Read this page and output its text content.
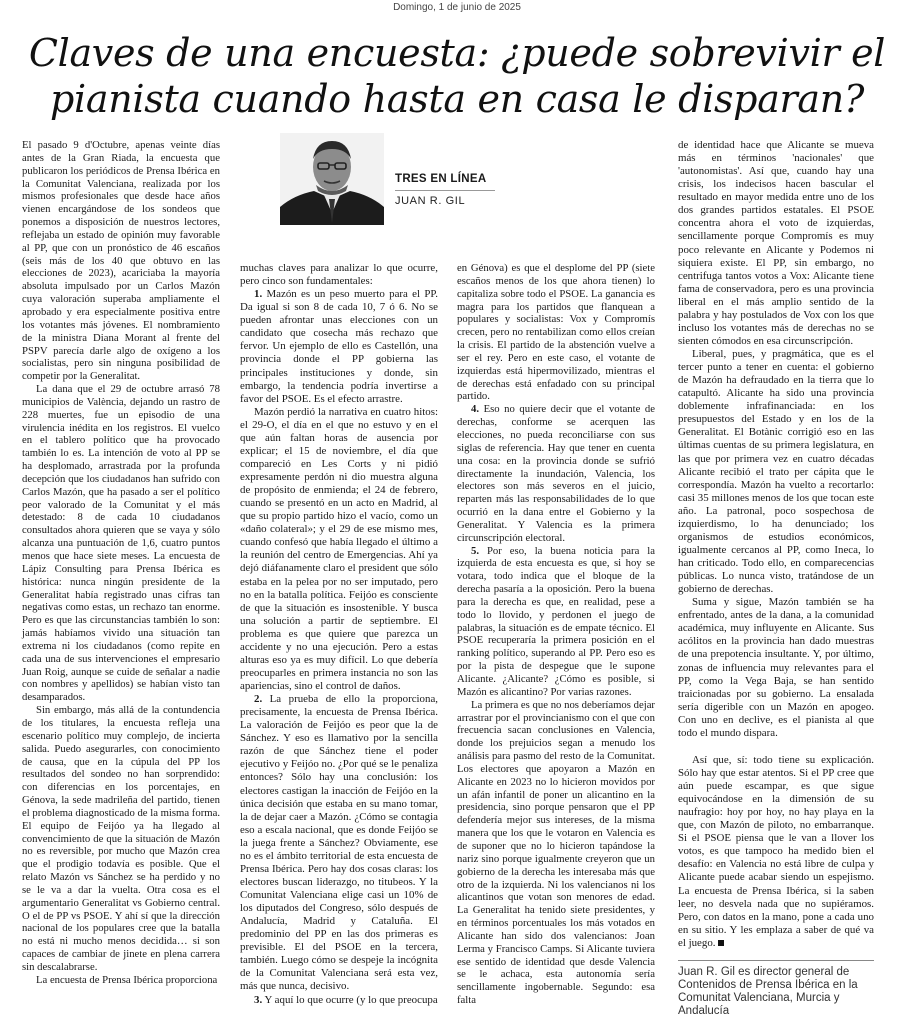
Domingo, 1 de junio de 2025
Claves de una encuesta: ¿puede sobrevivir el pianista cuando hasta en casa le disparan?
TRES EN LÍNEA
JUAN R. GIL

El pasado 9 d'Octubre, apenas veinte días antes de la Gran Riada, la encuesta que publicaron los periódicos de Prensa Ibérica en la Comunitat Valenciana, realizada por los mismos profesionales que desde hace años vienen encargándose de los sondeos que ponemos a disposición de nuestros lectores, reflejaba un estado de opinión muy favorable al PP, que con un pronóstico de 46 escaños (seis más de los 40 que obtuvo en las elecciones de 2023), acariciaba la mayoría absoluta impulsado por un Carlos Mazón cuya valoración superaba ampliamente el aprobado y era especialmente positiva entre los votantes más jóvenes. El nombramiento de la ministra Diana Morant al frente del PSPV parecía darle algo de oxígeno a los socialistas, pero sin ninguna posibilidad de competir por la Generalitat.

La dana que el 29 de octubre arrasó 78 municipios de València, dejando un rastro de 228 muertes, fue un episodio de una virulencia inédita en los registros. El vuelco en el tablero político que ha provocado también lo es. La intención de voto al PP se ha desplomado, arrastrada por la profunda decepción que los ciudadanos han sufrido con Carlos Mazón, que ha pasado a ser el político peor valorado de la Comunitat y el más detestado: 8 de cada 10 ciudadanos consultados ahora quieren que se vaya y sólo alcanza una puntuación de 1,6, cuatro puntos menos que hace siete meses. La encuesta de Lápiz Consulting para Prensa Ibérica es histórica: nunca ningún presidente de la Generalitat había registrado unas cifras tan negativas como estas, un rechazo tan enorme. Pero es que las circunstancias también lo son: jamás habíamos vivido una situación tan extrema ni los ciudadanos (como repite en cada una de sus intervenciones el empresario Juan Roig, aunque se cuide de señalar a nadie con nombres y apellidos) se habían visto tan desamparados.

Sin embargo, más allá de la contundencia de los titulares, la encuesta refleja una escenario político muy complejo, de incierta salida. Puedo asegurarles, con conocimiento de causa, que en la cúpula del PP los resultados del sondeo no han sorprendido: con diferencias en los porcentajes, en Génova, la sede madrileña del partido, tienen el problema diagnosticado de la misma forma. El equipo de Feijóo ya ha llegado al convencimiento de que la situación de Mazón no es reversible, por mucho que Mazón crea que el prodigio todavía es posible. Que el relato Mazón vs Sánchez se ha perdido y no se le va a dar la vuelta. Otra cosa es el argumentario Generalitat vs Gobierno central. O el de PP vs PSOE. Y ahí sí que la dirección nacional de los populares cree que la batalla no está ni mucho menos decidida… si son capaces de cambiar de jinete en plena carrera sin descalabrarse.

La encuesta de Prensa Ibérica proporciona

muchas claves para analizar lo que ocurre, pero cinco son fundamentales:

1. Mazón es un peso muerto para el PP. Da igual si son 8 de cada 10, 7 ó 6. No se pueden afrontar unas elecciones con un candidato que cosecha más rechazo que fervor. Un ejemplo de ello es Castellón, una provincia donde el PP gobierna las principales instituciones y donde, sin embargo, la tendencia podría invertirse a favor del PSOE. Es el efecto arrastre.

Mazón perdió la narrativa en cuatro hitos: el 29-O, el día en el que no estuvo y en el que aún faltan horas de ausencia por explicar; el 15 de noviembre, el día que compareció en Les Corts y ni pidió expresamente perdón ni dio muestra alguna de propósito de enmienda; el 24 de febrero, cuando se presentó en un acto en Madrid, al que su propio partido hizo el vacío, como un «daño colateral»; y el 29 de ese mismo mes, cuando confesó que había llegado el último a la reunión del centro de Emergencias. Ahí ya dejó diáfanamente claro el president que sólo estaba en la pelea por no ser imputado, pero no en la batalla política. Feijóo es consciente de que la situación es insostenible. Y busca una solución a partir de septiembre. El problema es que quiere que parezca un accidente y no una ejecución. Pero a estas alturas eso ya es muy difícil. Lo que debería preocuparles en primera instancia no son las apariencias, sino el control de daños.

2. La prueba de ello la proporciona, precisamente, la encuesta de Prensa Ibérica. La valoración de Feijóo es peor que la de Sánchez. Y eso es llamativo por la sencilla razón de que Sánchez tiene el poder ejecutivo y Feijóo no. ¿Por qué se le penaliza entonces? Sólo hay una conclusión: los electores castigan la inacción de Feijóo en la única decisión que estaba en su mano tomar, la de dejar caer a Mazón. ¿Cómo se contagia eso a escala nacional, que es donde Feijóo se la juega frente a Sánchez? Obviamente, ese no es el ámbito territorial de esta encuesta de Prensa Ibérica. Pero hay dos cosas claras: los electores buscan liderazgo, no titubeos. Y la Comunitat Valenciana elige casi un 10% de los diputados del Congreso, sólo después de Andalucía, Madrid y Cataluña. El predominio del PP en las dos primeras es previsible. El del PSOE en la tercera, también. Luego cómo se despeje la incógnita de la Comunitat Valenciana será esta vez, más que nunca, decisivo.

3. Y aquí lo que ocurre (y lo que preocupa

en Génova) es que el desplome del PP (siete escaños menos de los que ahora tienen) lo capitaliza sobre todo el PSOE. La ganancia es magra para los partidos que flanquean a populares y socialistas: Vox y Compromís crecen, pero no rentabilizan como ellos creían la crisis. El partido de la abstención vuelve a ser el rey. Pero en este caso, el votante de izquierdas está hipermovilizado, mientras el de derechas está enfadado con su principal partido.

4. Eso no quiere decir que el votante de derechas, conforme se acerquen las elecciones, no pueda reconciliarse con sus siglas de referencia. Hay que tener en cuenta una cosa: en la provincia donde se sufrió directamente la inundación, Valencia, los electores son más severos en el juicio, reparten más las responsabilidades de lo que ocurrió en la dana entre el Gobierno y la Generalitat. Y Valencia es la primera circunscripción electoral.

5. Por eso, la buena noticia para la izquierda de esta encuesta es que, si hoy se votara, todo indica que el bloque de la derecha pasaría a la oposición. Pero la buena para la derecha es que, en realidad, pese a todo lo llovido, y perdonen el juego de palabras, la situación es de empate técnico. El PSOE recuperaría la primera posición en el ranking político, superando al PP. Pero eso es por la pista de despegue que le supone Alicante. ¿Alicante? ¿Cómo es posible, si Mazón es alicantino? Por varias razones.

La primera es que no nos deberíamos dejar arrastrar por el provincianismo con el que con frecuencia sacan conclusiones en Valencia, donde los prejuicios segan a menudo los análisis para pasmo del resto de la Comunitat. Los electores que apoyaron a Mazón en Alicante en 2023 no lo hicieron movidos por un afán infantil de poner un alicantino en la presidencia, sino porque pensaron que el PP defendería mejor sus intereses, de la misma manera que los que le votaron en Valencia es de suponer que no lo hicieron tapándose la nariz sino porque igualmente creyeron que un gobierno de la derecha les interesaba más que otro de la izquierda. Ni los valencianos ni los alicantinos que votan son menores de edad. La Generalitat ha tenido siete presidentes, y en términos porcentuales los más votados en Alicante han sido dos valencianos: Joan Lerma y Francisco Camps. Si Alicante tuviera ese sentido de identidad que desde Valencia se le achaca, esta autonomía sería sencillamente ingobernable. Segundo: esa falta

de identidad hace que Alicante se mueva más en términos 'nacionales' que 'autonomistas'. Así que, cuando hay una crisis, los indecisos hacen bascular el resultado en mayor medida entre uno de los dos grandes partidos estatales. El PSOE concentra ahora el voto de izquierdas, sencillamente porque Compromís es muy poco relevante en Alicante y Podemos ni siquiera existe. El PP, sin embargo, no centrifuga tantos votos a Vox: Alicante tiene fama de conservadora, pero es una provincia liberal en el más amplio sentido de la palabra y hay postulados de Vox con los que incluso los votantes más de derechas no se sienten cómodos en esa circunscripción.

Liberal, pues, y pragmática, que es el tercer punto a tener en cuenta: el gobierno de Mazón ha defraudado en la tierra que lo catapultó. Alicante ha sido una provincia doblemente infrafinanciada: en los presupuestos del Estado y en los de la Generalitat. El Botànic corrigió eso en las últimas cuentas de su primera legislatura, en las que por primera vez en cuatro décadas Alicante recibió el trato per cápita que le correspondía. Mazón ha vuelto a recortarlo: casi 35 millones menos de los que tocan este año. La patronal, poco sospechosa de izquierdismo, lo ha denunciado; los organismos de estudios económicos, igualmente cercanos al PP, como Ineca, lo han criticado. Todo ello, en comparecencias públicas. Lo nunca visto, tratándose de un gobierno de derechas.

Suma y sigue, Mazón también se ha enfrentado, antes de la dana, a la comunidad académica, muy influyente en Alicante. Sus acólitos en la provincia han dado muestras de una prepotencia insultante. Y, por último, zonas de influencia muy relevantes para el PP, como la Vega Baja, se han sentido traicionadas por su gobierno. La ensalada sería digerible con un Mazón en apogeo. Con uno en declive, es el pianista al que todo el mundo dispara.

Así que, sí: todo tiene su explicación. Sólo hay que estar atentos. Si el PP cree que aún puede escampar, es que sigue equivocándose en la dimensión de su naufragio: hoy por hoy, no hay playa en la que, con Mazón de piloto, no embarranque. Si el PSOE piensa que le van a llover los votos, es que tampoco ha medido bien el desafío: en Valencia no está libre de culpa y Alicante puede acabar siendo un espejismo. La encuesta de Prensa Ibérica, si la saben leer, no desvela nada que no supiéramos. Pero, con datos en la mano, pone a cada uno en su sitio. Y les emplaza a saber de qué va el juego.

Juan R. Gil es director general de Contenidos de Prensa Ibérica en la Comunitat Valenciana, Murcia y Andalucía
